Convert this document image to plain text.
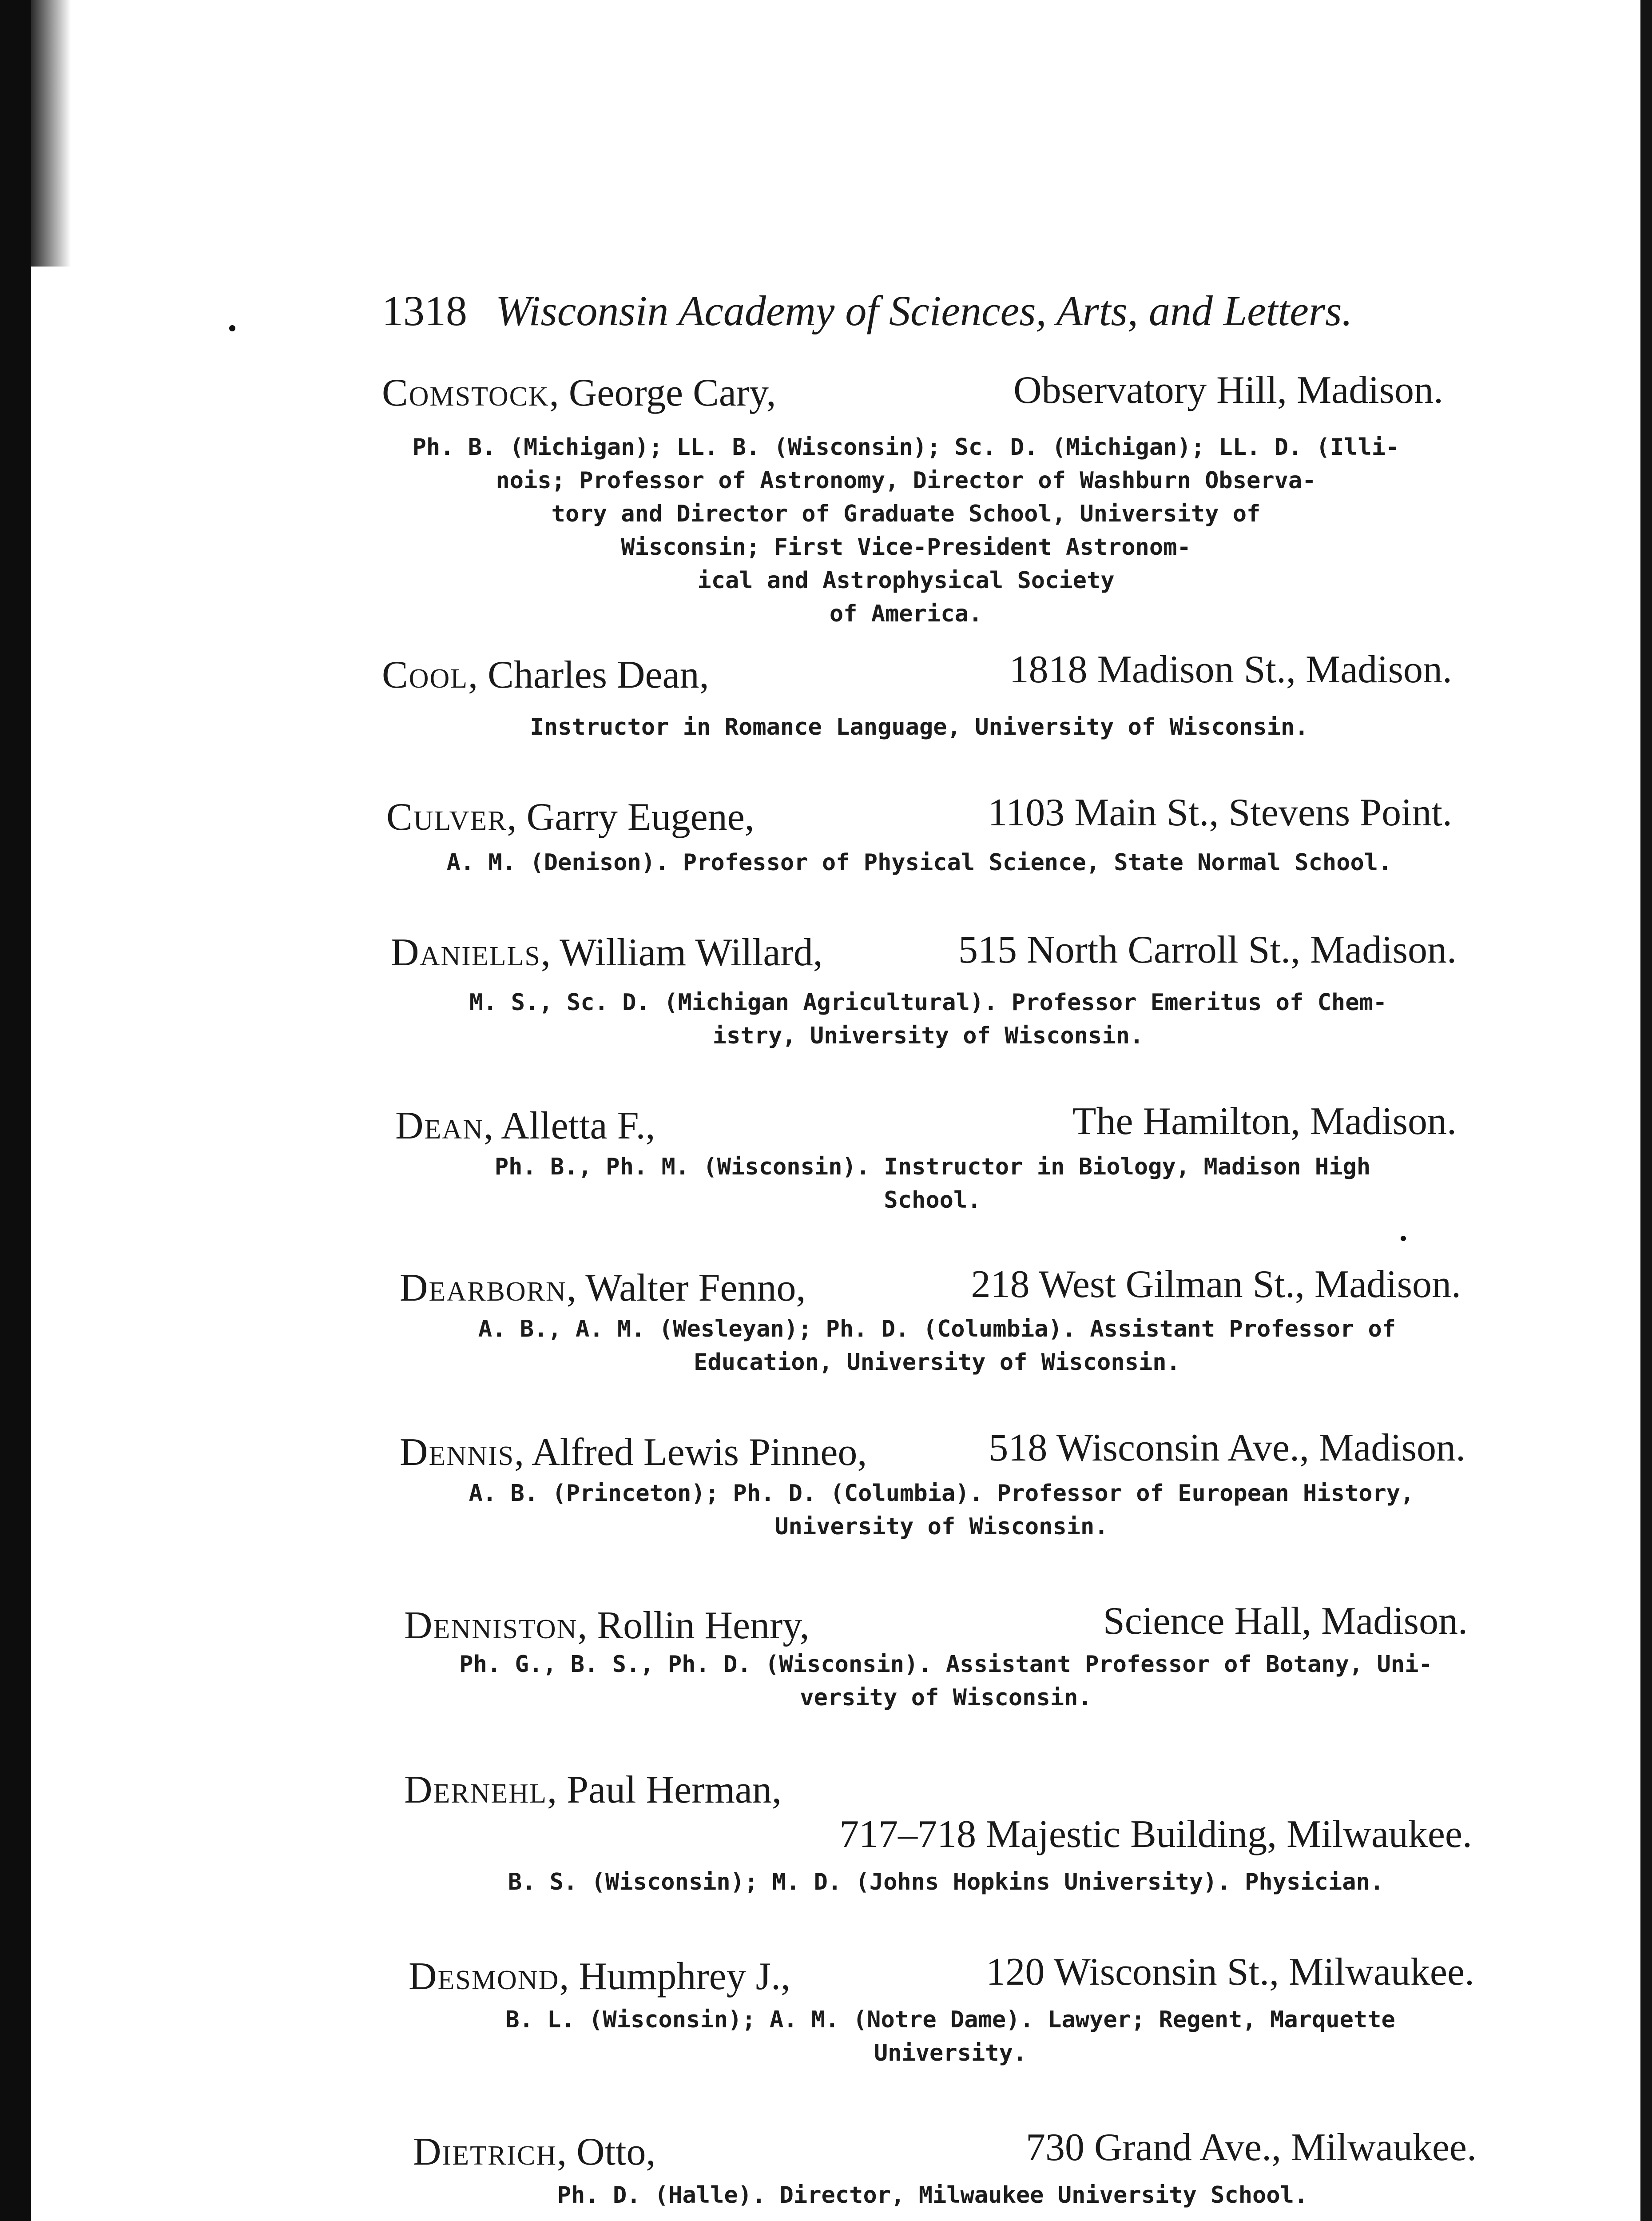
1318 Wisconsin Academy of Sciences, Arts, and Letters.
Comstock, George Cary,	Observatory Hill, Madison.
Ph. B. (Michigan); LL. B. (Wisconsin); Sc. D. (Michigan); LL. D. (Illi-
nois; Professor of Astronomy, Director of Washburn Observa-
tory and Director of Graduate School, University of
Wisconsin; First Vice-President Astronom-
ical and Astrophysical Society
of America.
Cool, Charles Dean,	1818 Madison St., Madison.
Instructor in Romance Language, University of Wisconsin.
Culver, Garry Eugene,	1103 Main St., Stevens Point.
A. M. (Denison). Professor of Physical Science, State Normal School.
Daniells, William Willard,	515 North Carroll St., Madison.
M. S., Sc. D. (Michigan Agricultural). Professor Emeritus of Chem-
istry, University of Wisconsin.
Dean, Alletta F.,	The Hamilton, Madison.
Ph. B., Ph. M. (Wisconsin). Instructor in Biology, Madison High
School.
Dearborn, Walter Fenno,	218 West Gilman St., Madison.
A. B., A. M. (Wesleyan); Ph. D. (Columbia). Assistant Professor of
Education, University of Wisconsin.
Dennis, Alfred Lewis Pinneo,	518 Wisconsin Ave., Madison.
A. B. (Princeton); Ph. D. (Columbia). Professor of European History,
University of Wisconsin.
Denniston, Rollin Henry,	Science Hall, Madison.
Ph. G., B. S., Ph. D. (Wisconsin). Assistant Professor of Botany, Uni-
versity of Wisconsin.
Dernehl, Paul Herman,
717–718 Majestic Building, Milwaukee.
B. S. (Wisconsin); M. D. (Johns Hopkins University). Physician.
Desmond, Humphrey J.,	120 Wisconsin St., Milwaukee.
B. L. (Wisconsin); A. M. (Notre Dame). Lawyer; Regent, Marquette
University.
Dietrich, Otto,	730 Grand Ave., Milwaukee.
Ph. D. (Halle). Director, Milwaukee University School.
